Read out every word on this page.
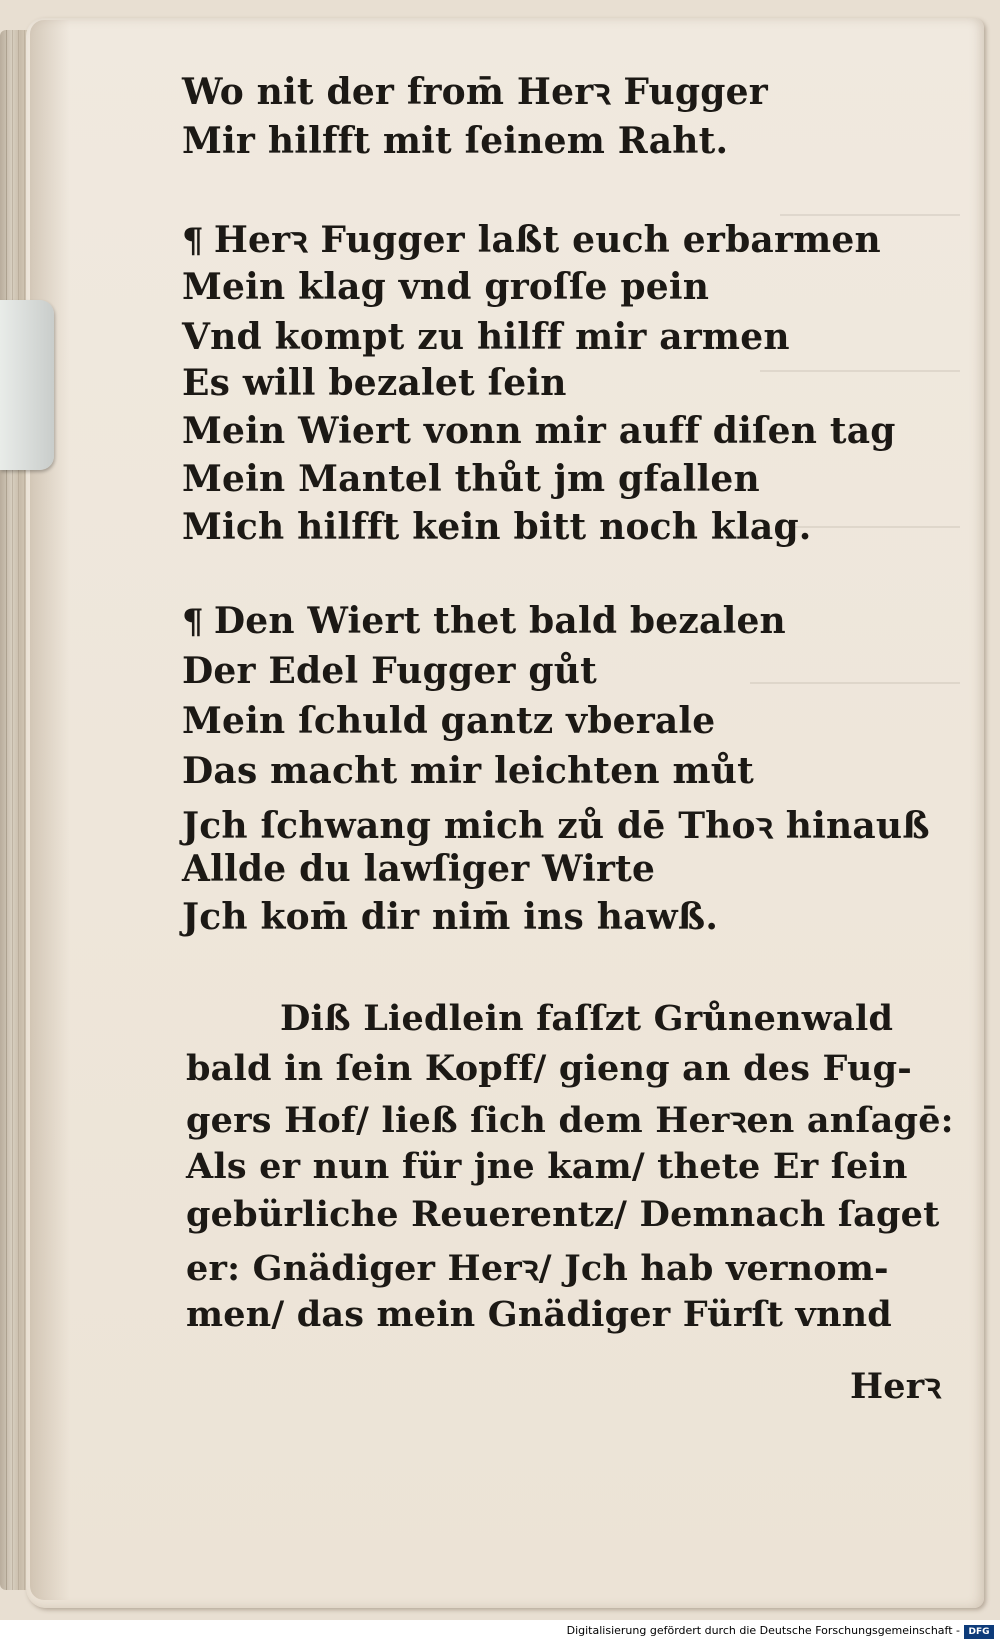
Wo nit der from̄ Herꝛ Fugger
Mir hilfft mit ſeinem Raht.
¶ Herꝛ Fugger laßt euch erbarmen
Mein klag vnd groſſe pein
Vnd kompt zu hilff mir armen
Es will bezalet ſein
Mein Wiert vonn mir auff diſen tag
Mein Mantel thůt jm gfallen
Mich hilfft kein bitt noch klag.
¶ Den Wiert thet bald bezalen
Der Edel Fugger gůt
Mein ſchuld gantz vberale
Das macht mir leichten můt
Jch ſchwang mich zů dē Thoꝛ hinauß
Allde du lawſiger Wirte
Jch kom̄ dir nim̄ ins hawß.
Diß Liedlein faſſzt Grůnenwald
bald in ſein Kopff/ gieng an des Fug-
gers Hof/ ließ ſich dem Herꝛen anſagē:
Als er nun für jne kam/ thete Er ſein
gebürliche Reuerentz/ Demnach ſaget
er: Gnädiger Herꝛ/ Jch hab vernom-
men/ das mein Gnädiger Fürſt vnnd
Herꝛ
Digitalisierung gefördert durch die Deutsche Forschungsgemeinschaft - DFG
